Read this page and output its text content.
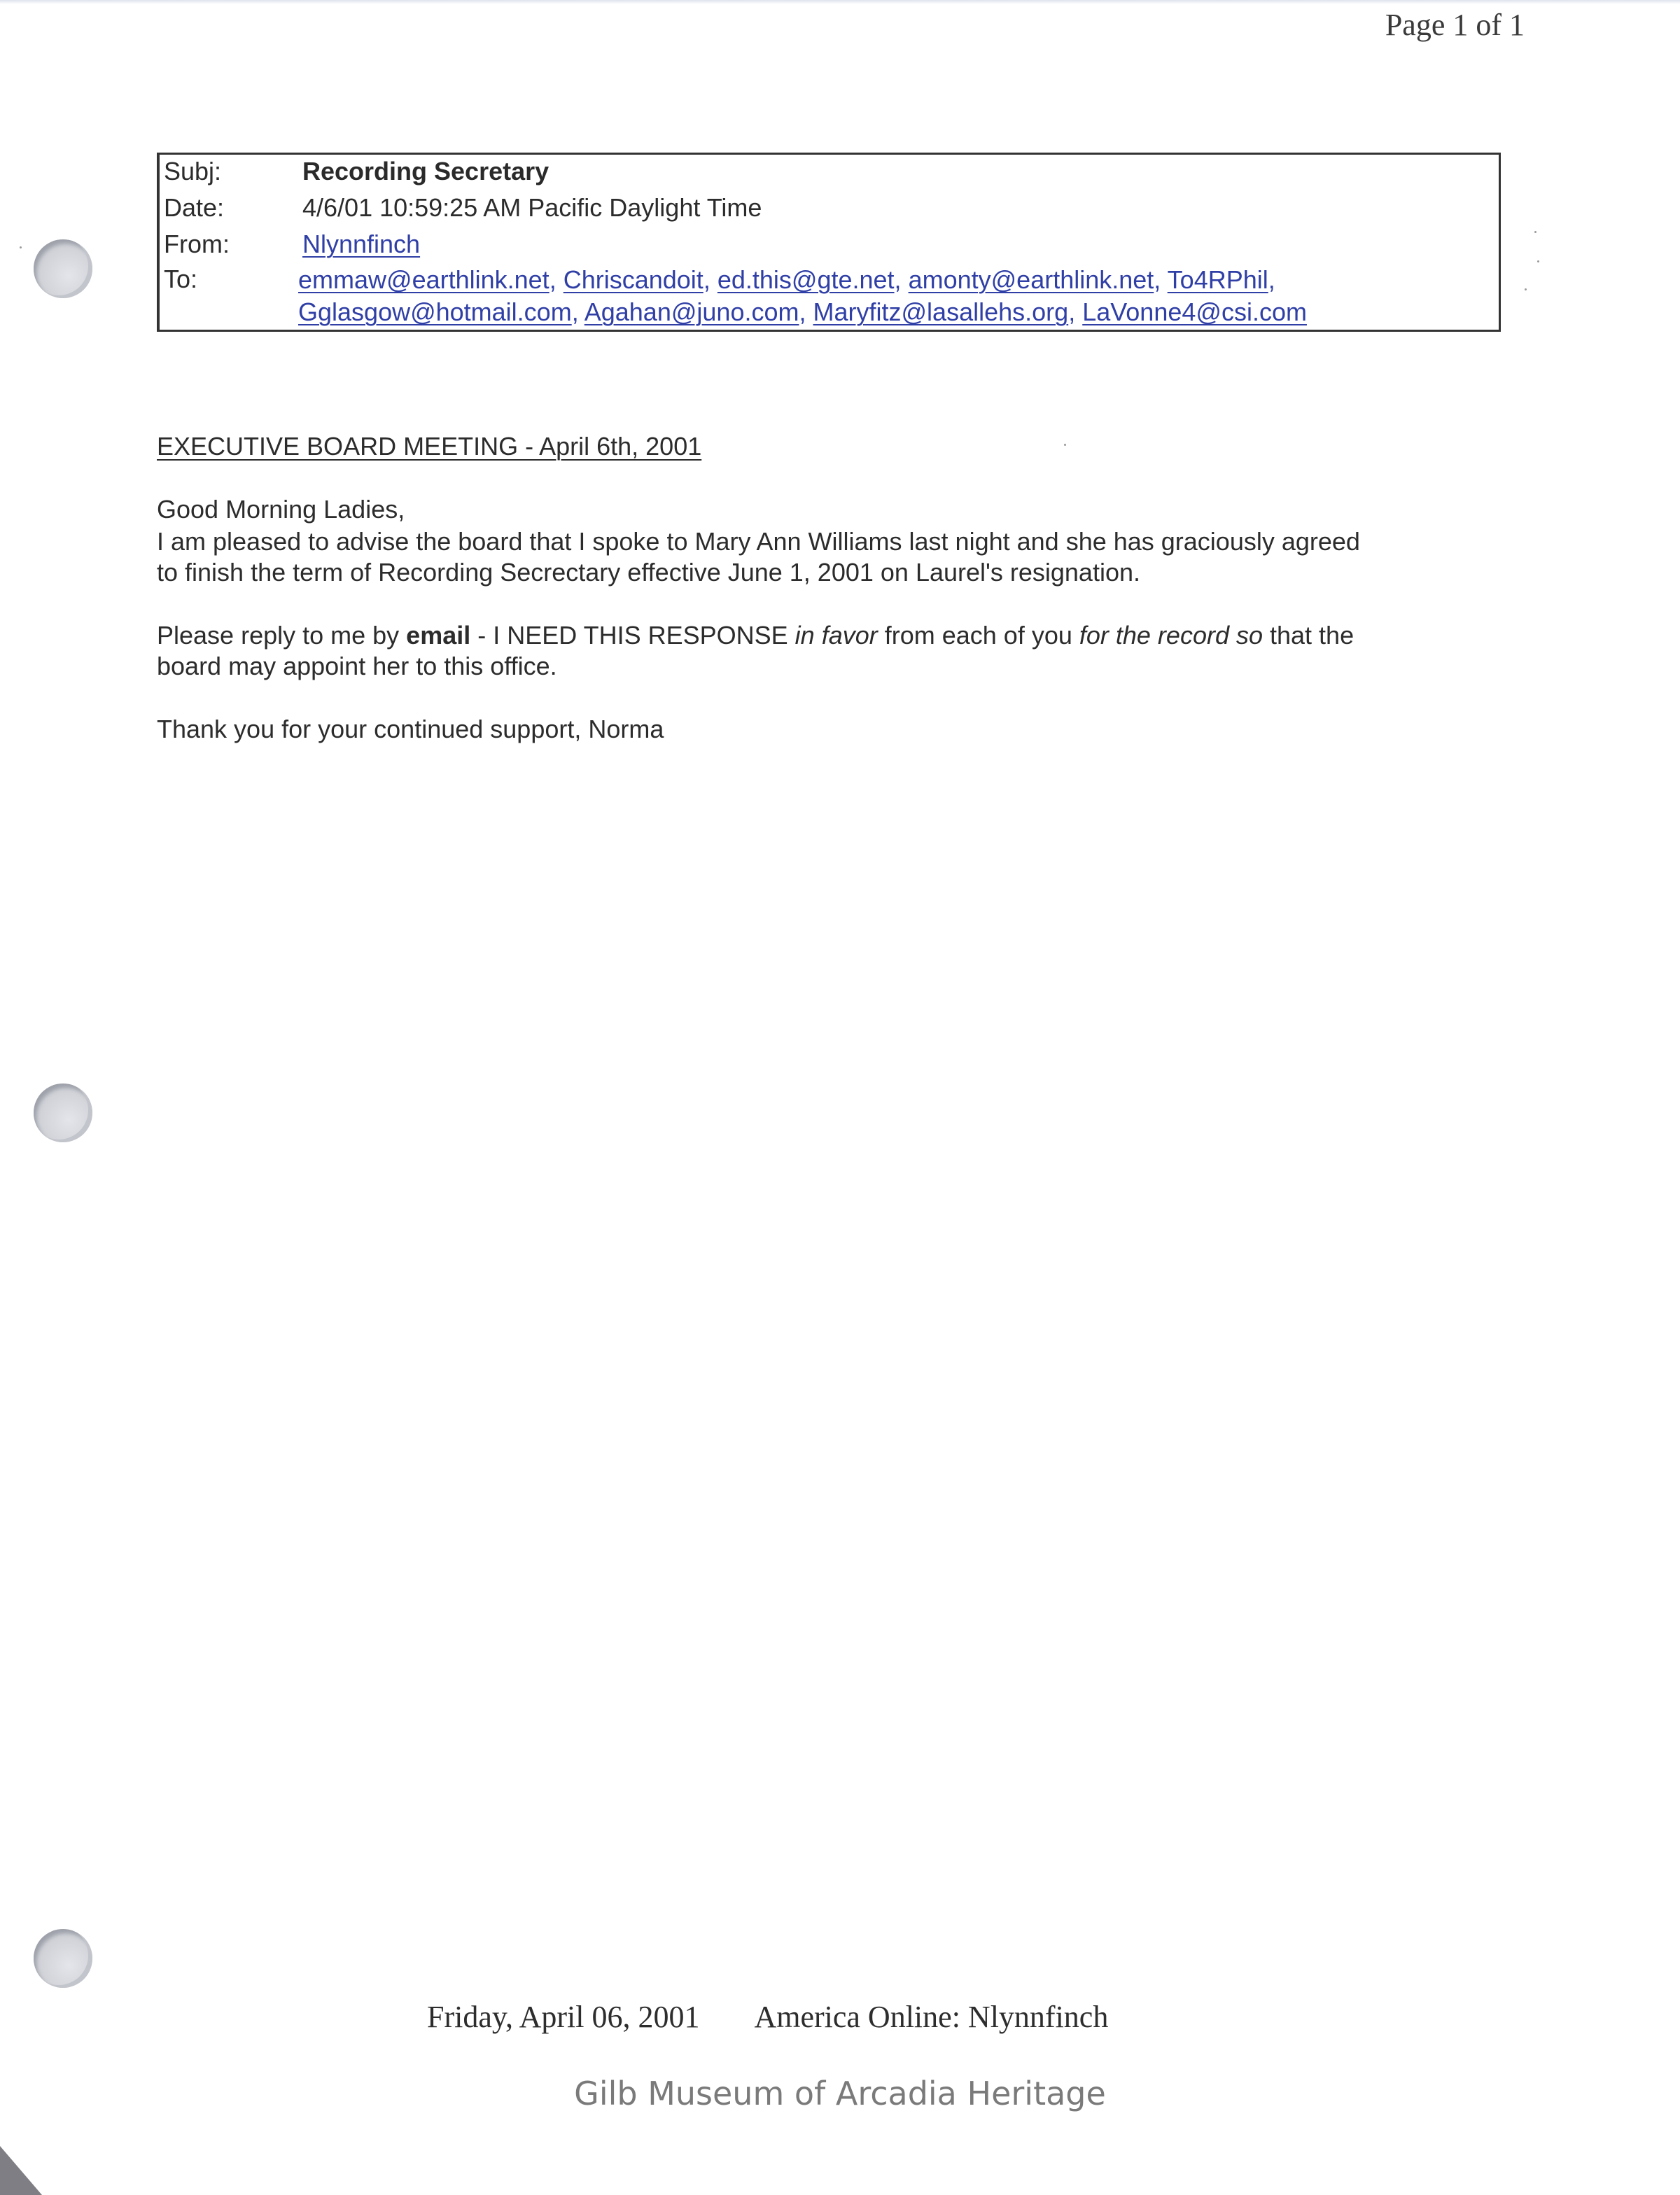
Page 1 of 1
Subj:	Recording Secretary
Date:	4/6/01 10:59:25 AM Pacific Daylight Time
From:	Nlynnfinch
To:	emmaw@earthlink.net, Chriscandoit, ed.this@gte.net, amonty@earthlink.net, To4RPhil,
Gglasgow@hotmail.com, Agahan@juno.com, Maryfitz@lasallehs.org, LaVonne4@csi.com
EXECUTIVE BOARD MEETING - April 6th, 2001
Good Morning Ladies,
I am pleased to advise the board that I spoke to Mary Ann Williams last night and she has graciously agreed
to finish the term of Recording Secrectary effective June 1, 2001 on Laurel's resignation.
Please reply to me by email - I NEED THIS RESPONSE in favor from each of you for the record so that the
board may appoint her to this office.
Thank you for your continued support, Norma
Friday, April 06, 2001 America Online: Nlynnfinch
Gilb Museum of Arcadia Heritage
